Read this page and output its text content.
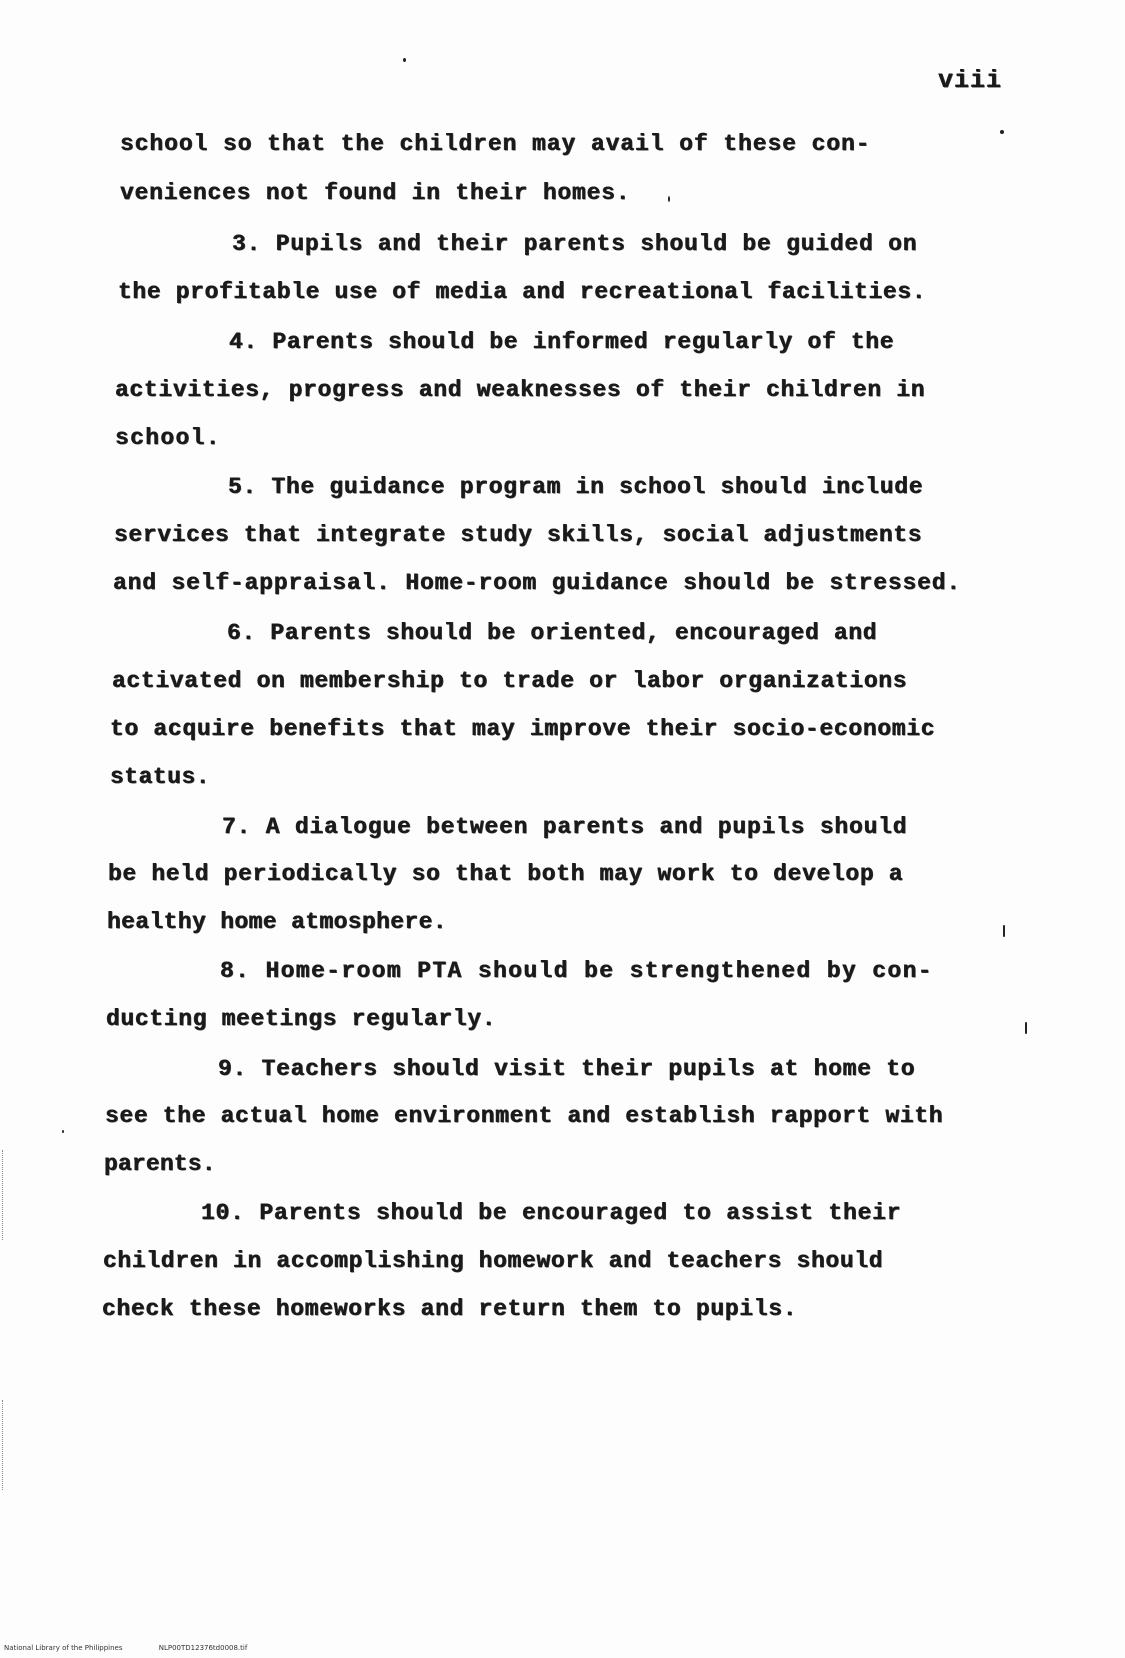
viii
school so that the children may avail of these con-
veniences not found in their homes.
3. Pupils and their parents should be guided on
the profitable use of media and recreational facilities.
4. Parents should be informed regularly of the
activities, progress and weaknesses of their children in
school.
5. The guidance program in school should include
services that integrate study skills, social adjustments
and self-appraisal. Home-room guidance should be stressed.
6. Parents should be oriented, encouraged and
activated on membership to trade or labor organizations
to acquire benefits that may improve their socio-economic
status.
7. A dialogue between parents and pupils should
be held periodically so that both may work to develop a
healthy home atmosphere.
8. Home-room PTA should be strengthened by con-
ducting meetings regularly.
9. Teachers should visit their pupils at home to
see the actual home environment and establish rapport with
parents.
10. Parents should be encouraged to assist their
children in accomplishing homework and teachers should
check these homeworks and return them to pupils.
National Library of the Philippines	NLP00TD12376td0008.tif
